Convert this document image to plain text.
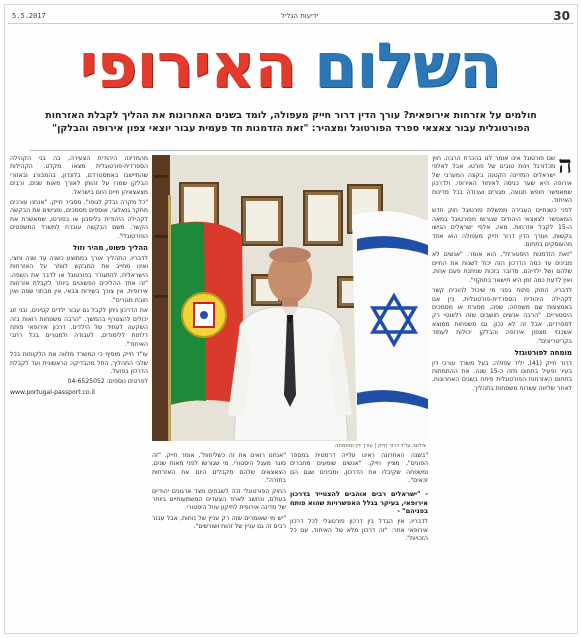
30
ידיעות הגליל
5.5.2017
השלום
האירופי
חולמים על אזרחות אירופאית? עורך הדין דרור חייק מעפולה, לומד בשנים האחרונות את ההליך לקבלת האזרחות הפורטוגלית עבור צאצאי ספרד הפורטוגל ומצהיר: "זאת הזדמנות חד פעמית עבור יוצאי צפון אירופה והבלקן"
צילום: עו"ד דרור חייק | עורך דין ומתמחה

ה
שם פורטוגל אינו אומר לנו בהכרח הרבה, חוץ מכדורגל וינות טובים של פורטו. אבל לאלפי ישראלים המדינה הקטנה בקצה המערבי של אירופה היא שער כניסה לאיחוד האירופי, ולדרכון שמאפשר חופש תנועה, מגורים ועבודה בכל מדינות האיחוד.

לפני כשנתיים העבירה ממשלת פורטוגל חוק חדש המאפשר לצאצאי היהודים שגורשו מפורטוגל במאה ה-15 לקבל אזרחות. מאז, אלפי ישראלים הגישו בקשות, ועורך הדין דרור חייק מעפולה הוא אחד מהעוסקים בתחום.

"זאת הזדמנות היסטורית", הוא אומר. "אנשים לא מבינים עד כמה הדרכון הזה יכול לשנות את החיים שלהם ושל ילדיהם. מדובר בזכות שניתנת פעם אחת, ואין לדעת כמה זמן היא תישאר בתוקף".

לדבריו, החוק פתוח בפני מי שיכול להוכיח קשר לקהילה היהודית הספרדית-פורטוגלית, בין אם באמצעות שם משפחה, שפה, מסורת או מסמכים היסטוריים. "הרבה אנשים חושבים שזה רלוונטי רק לספרדים, אבל זה לא נכון. גם משפחות ממוצא אשכנזי מצפון אירופה והבלקן יכולות לעמוד בקריטריונים".

מומחה לפורטוגזל

דרור חייק (41), יליד עפולה, בעל משרד עורכי דין בעיר ופעיל בתחום מזה כ-15 שנה. את ההתמחות בתחום האזרחות הפורטוגלית פיתח בשנים האחרונות, לאחר שליווה עשרות משפחות בתהליך.

"בשנה האחרונה ראינו עלייה דרמטית במספר הפונים", מציין חייק. "אנשים שומעים מחברים ומשפחה שקיבלו את הדרכון, ומבינים שגם הם זכאים".

- "ישראלים רבים אוהבים להצטייד בדרכון אירופאי, בעיקר בגלל האפשרויות שהוא פותח בפניהם" -

לדבריו, אין הבדל בין דרכון פורטוגלי לכל דרכון אירופאי אחר: "זה דרכון מלא של האיחוד, עם כל הזכויות".

"אנחנו רואים את זה כשליחות", אומר חייק. "זה סוגר מעגל היסטורי. מי שגורשו לפני מאות שנים, הצאצאים שלהם מקבלים היום את האזרחות בחזרה".

החוק הפורטוגלי זכה לשבחים מצד ארגונים יהודיים בעולם, ונחשב לאחד הצעדים המשמעותיים ביותר של מדינה אירופית לתיקון עוול היסטורי.

"יש מי שאומרים שזה רק עניין של נוחות, אבל עבור רבים זה גם עניין של זהות ושורשים".

מהמדינה היהודית הצעירה, בה בני הקהילה הספרדית-פורטוגלית מצאו מקלט. הקהילות שהתיישבו באמסטרדם, בלונדון, בהמבורג ובאזורי הבלקן שמרו על זהותן לאורך מאות שנים, ורבים מצאצאיהן חיים היום בישראל.

"כל מקרה נבדק לגופו", מסביר חייק. "אנחנו עורכים מחקר גנאלוגי, אוספים מסמכים, ומגישים את הבקשה לקהילה היהודית בליסבון או בפורטו, שמאשרת את הקשר. משם הבקשה עוברת למשרד המשפטים הפורטוגלי".

ההליך פשוט, מהיר וזול

לדבריו, התהליך אורך בממוצע כשנה עד שנה וחצי, ואינו מחייב את המבקש לוותר על האזרחות הישראלית, להתגורר בפורטוגל או לדבר את השפה. "זה אחד ההליכים הפשוטים ביותר לקבלת אזרחות אירופית. אין צורך בשירות צבאי, אין מבחני שפה ואין חובת מגורים".

את הדרכון ניתן לקבל גם עבור ילדים קטינים, ובני זוג יכולים להצטרף בהמשך. "הרבה משפחות רואות בזה השקעה לעתיד של הילדים. דרכון אירופאי פותח דלתות ללימודים, לעבודה ולמגורים בכל רחבי האיחוד".

עו"ד חייק מוסיף כי המשרד מלווה את הלקוחות בכל שלבי התהליך, החל מהבדיקה הראשונית ועד לקבלת הדרכון בפועל.

לפרטים נוספים: 04-6525052

www.portugal-passport.co.il
